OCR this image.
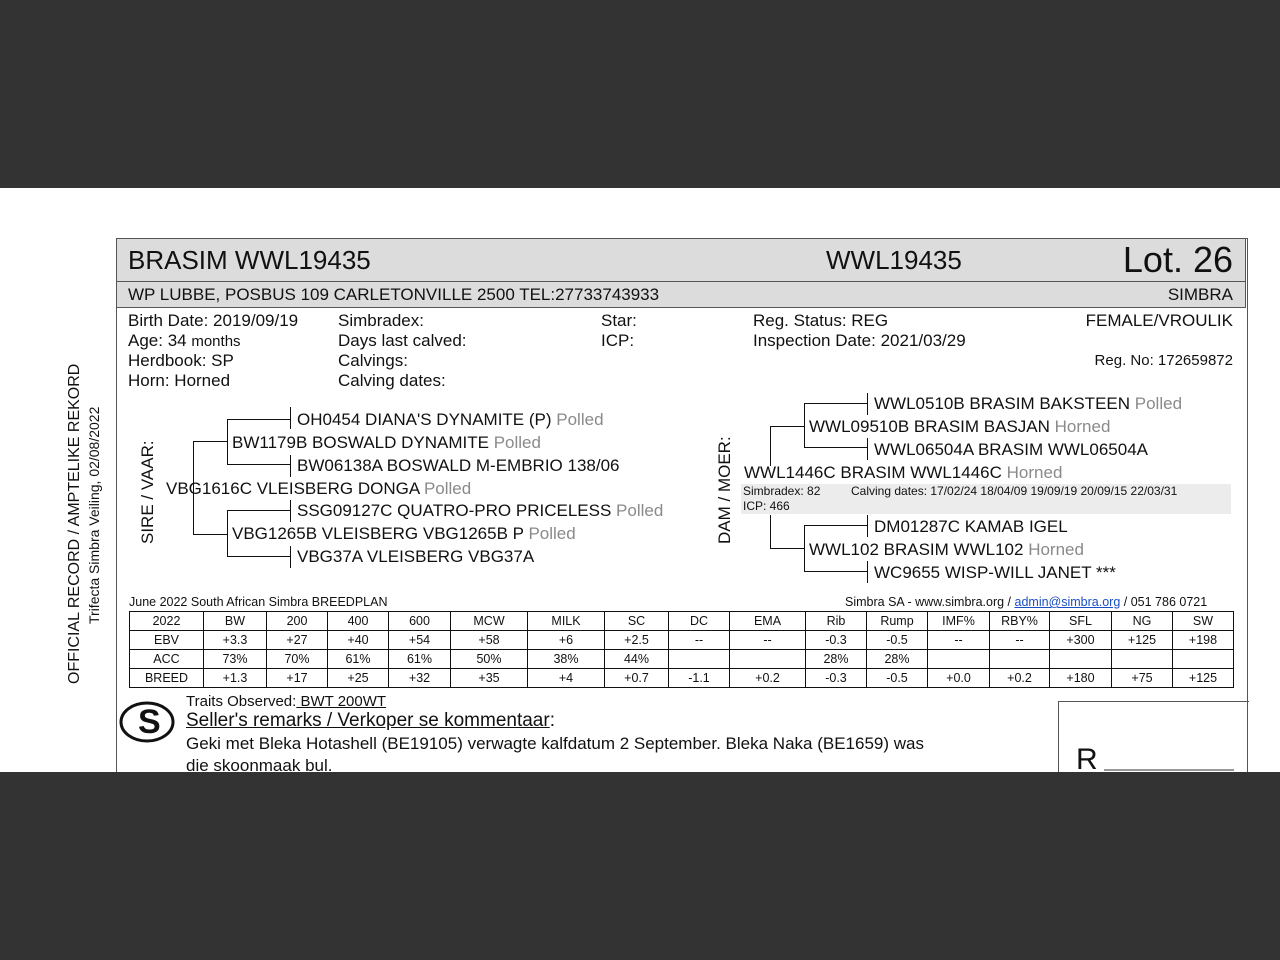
OFFICIAL RECORD / AMPTELIKE REKORD Trifecta Simbra Veiling, 02/08/2022
BRASIM WWL19435	WWL19435	Lot. 26
WP LUBBE, POSBUS 109 CARLETONVILLE 2500 TEL:27733743933	SIMBRA
Birth Date: 2019/09/19
Age: 34 months
Herdbook: SP
Horn: Horned
Simbradex:
Days last calved:
Calvings:
Calving dates:
Star:
ICP:
Reg. Status: REG
Inspection Date: 2021/03/29
FEMALE/VROULIK
Reg. No: 172659872
SIRE / VAAR:
OH0454 DIANA'S DYNAMITE (P) Polled
BW1179B BOSWALD DYNAMITE Polled
BW06138A BOSWALD M-EMBRIO 138/06
VBG1616C VLEISBERG DONGA Polled
SSG09127C QUATRO-PRO PRICELESS Polled
VBG1265B VLEISBERG VBG1265B P Polled
VBG37A VLEISBERG VBG37A
DAM / MOER:
WWL0510B BRASIM BAKSTEEN Polled
WWL09510B BRASIM BASJAN Horned
WWL06504A BRASIM WWL06504A
WWL1446C BRASIM WWL1446C Horned
Simbradex: 82	Calving dates: 17/02/24 18/04/09 19/09/19 20/09/15 22/03/31
ICP: 466
DM01287C KAMAB IGEL
WWL102 BRASIM WWL102 Horned
WC9655 WISP-WILL JANET ***
June 2022 South African Simbra BREEDPLAN	Simbra SA - www.simbra.org / admin@simbra.org / 051 786 0721
2022	BW	200	400	600	MCW	MILK	SC	DC	EMA	Rib	Rump	IMF%	RBY%	SFL	NG	SW
EBV	+3.3	+27	+40	+54	+58	+6	+2.5	--	--	-0.3	-0.5	--	--	+300	+125	+198
ACC	73%	70%	61%	61%	50%	38%	44%			28%	28%					
BREED	+1.3	+17	+25	+32	+35	+4	+0.7	-1.1	+0.2	-0.3	-0.5	+0.0	+0.2	+180	+75	+125
S
Traits Observed: BWT 200WT
Seller's remarks / Verkoper se kommentaar:
Geki met Bleka Hotashell (BE19105) verwagte kalfdatum 2 September. Bleka Naka (BE1659) was
die skoonmaak bul.	R
